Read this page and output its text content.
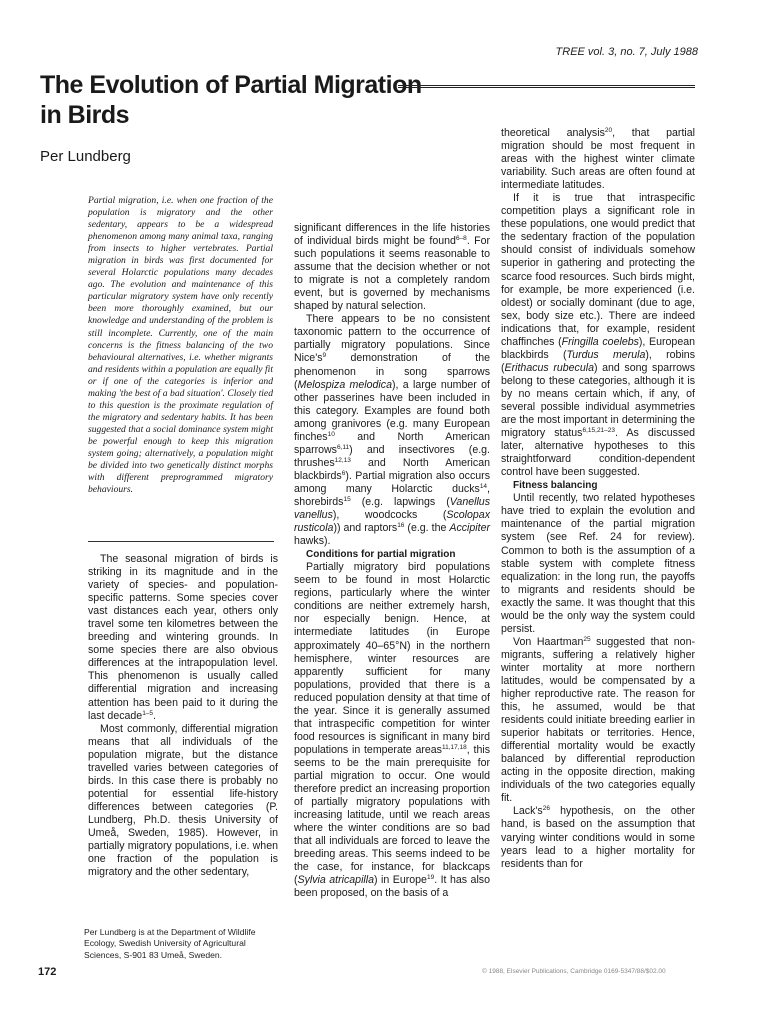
TREE vol. 3, no. 7, July 1988
The Evolution of Partial Migration
in Birds
Per Lundberg

Partial migration, i.e. when one fraction of the population is migratory and the other sedentary, appears to be a widespread phenomenon among many animal taxa, ranging from insects to higher vertebrates. Partial migration in birds was first documented for several Holarctic populations many decades ago. The evolution and maintenance of this particular migratory system have only recently been more thoroughly examined, but our knowledge and understanding of the problem is still incomplete. Currently, one of the main concerns is the fitness balancing of the two behavioural alternatives, i.e. whether migrants and residents within a population are equally fit or if one of the categories is inferior and making 'the best of a bad situation'. Closely tied to this question is the proximate regulation of the migratory and sedentary habits. It has been suggested that a social dominance system might be powerful enough to keep this migration system going; alternatively, a population might be divided into two genetically distinct morphs with different preprogrammed migratory behaviours.

The seasonal migration of birds is striking in its magnitude and in the variety of species- and population-specific patterns. Some species cover vast distances each year, others only travel some ten kilometres between the breeding and wintering grounds. In some species there are also obvious differences at the intrapopulation level. This phenomenon is usually called differential migration and increasing attention has been paid to it during the last decade$^{1-5}$.

Most commonly, differential migration means that all individuals of the population migrate, but the distance travelled varies between categories of birds. In this case there is probably no potential for essential life-history differences between categories (P. Lundberg, Ph.D. thesis University of Umeå, Sweden, 1985). However, in partially migratory populations, i.e. when one fraction of the population is migratory and the other sedentary,

Per Lundberg is at the Department of Wildlife Ecology, Swedish University of Agricultural Sciences, S-901 83 Umeå, Sweden.
172

significant differences in the life histories of individual birds might be found$^{6-8}$. For such populations it seems reasonable to assume that the decision whether or not to migrate is not a completely random event, but is governed by mechanisms shaped by natural selection.

There appears to be no consistent taxonomic pattern to the occurrence of partially migratory populations. Since $Nice's^9$ demonstration of the phenomenon in song sparrows (Melospiza melodica), a large number of other passerines have been included in this category. Examples are found both among granivores (e.g. many European finches$^{10}$ and North American sparrows$^{6,11}$) and insectivores (e.g. thrushes$^{12,13}$ and North American blackbirds$^6$). Partial migration also occurs among many Holarctic ducks$^{14}$, shorebirds$^{15}$ (e.g. lapwings (Vanellus vanellus), woodcocks (Scolopax rusticola)) and raptors$^{16}$ (e.g. the Accipiter hawks).

Conditions for partial migration

Partially migratory bird populations seem to be found in most Holarctic regions, particularly where the winter conditions are neither extremely harsh, nor especially benign. Hence, at intermediate latitudes (in Europe approximately 40–65°N) in the northern hemisphere, winter resources are apparently sufficient for many populations, provided that there is a reduced population density at that time of the year. Since it is generally assumed that intraspecific competition for winter food resources is significant in many bird populations in temperate areas$^{11,17,18}$, this seems to be the main prerequisite for partial migration to occur. One would therefore predict an increasing proportion of partially migratory populations with increasing latitude, until we reach areas where the winter conditions are so bad that all individuals are forced to leave the breeding areas. This seems indeed to be the case, for instance, for blackcaps (Sylvia atricapilla) in Europe$^{19}$. It has also been proposed, on the basis of a

theoretical analysis$^{20}$, that partial migration should be most frequent in areas with the highest winter climate variability. Such areas are often found at intermediate latitudes.

If it is true that intraspecific competition plays a significant role in these populations, one would predict that the sedentary fraction of the population should consist of individuals somehow superior in gathering and protecting the scarce food resources. Such birds might, for example, be more experienced (i.e. oldest) or socially dominant (due to age, sex, body size etc.). There are indeed indications that, for example, resident chaffinches (Fringilla coelebs), European blackbirds (Turdus merula), robins (Erithacus rubecula) and song sparrows belong to these categories, although it is by no means certain which, if any, of several possible individual asymmetries are the most important in determining the migratory status$^{6,15,21-23}$. As discussed later, alternative hypotheses to this straightforward condition-dependent control have been suggested.

Fitness balancing

Until recently, two related hypotheses have tried to explain the evolution and maintenance of the partial migration system (see Ref. 24 for review). Common to both is the assumption of a stable system with complete fitness equalization: in the long run, the payoffs to migrants and residents should be exactly the same. It was thought that this would be the only way the system could persist.

Von Haartman$^{25}$ suggested that non-migrants, suffering a relatively higher winter mortality at more northern latitudes, would be compensated by a higher reproductive rate. The reason for this, he assumed, would be that residents could initiate breeding earlier in superior habitats or territories. Hence, differential mortality would be exactly balanced by differential reproduction acting in the opposite direction, making individuals of the two categories equally fit.

$Lack's^{26}$ hypothesis, on the other hand, is based on the assumption that varying winter conditions would in some years lead to a higher mortality for residents than for

© 1988, Elsevier Publications, Cambridge 0169-5347/88/$02.00
